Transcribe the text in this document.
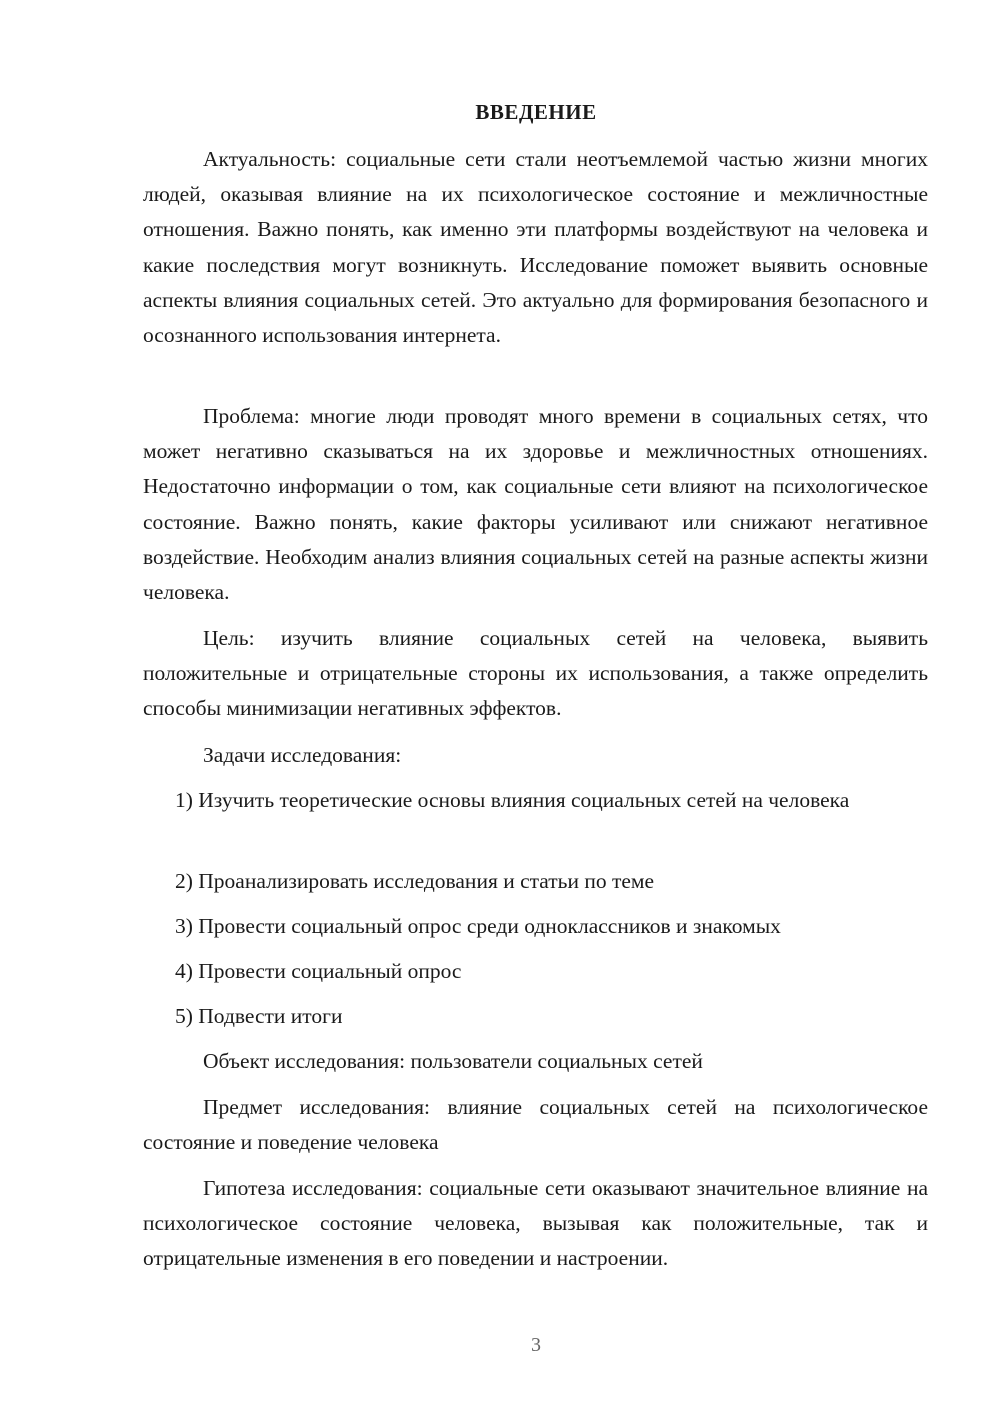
ВВЕДЕНИЕ

Актуальность: социальные сети стали неотъемлемой частью жизни многих людей, оказывая влияние на их психологическое состояние и межличностные отношения. Важно понять, как именно эти платформы воздействуют на человека и какие последствия могут возникнуть. Исследование поможет выявить основные аспекты влияния социальных сетей. Это актуально для формирования безопасного и осознанного использования интернета.

Проблема: многие люди проводят много времени в социальных сетях, что может негативно сказываться на их здоровье и межличностных отношениях. Недостаточно информации о том, как социальные сети влияют на психологическое состояние. Важно понять, какие факторы усиливают или снижают негативное воздействие. Необходим анализ влияния социальных сетей на разные аспекты жизни человека.

Цель: изучить влияние социальных сетей на человека, выявить положительные и отрицательные стороны их использования, а также определить способы минимизации негативных эффектов.

Задачи исследования:

1) Изучить теоретические основы влияния социальных сетей на человека

2) Проанализировать исследования и статьи по теме

3) Провести социальный опрос среди одноклассников и знакомых

4) Провести социальный опрос

5) Подвести итоги

Объект исследования: пользователи социальных сетей

Предмет исследования: влияние социальных сетей на психологическое состояние и поведение человека

Гипотеза исследования: социальные сети оказывают значительное влияние на психологическое состояние человека, вызывая как положительные, так и отрицательные изменения в его поведении и настроении.

3
